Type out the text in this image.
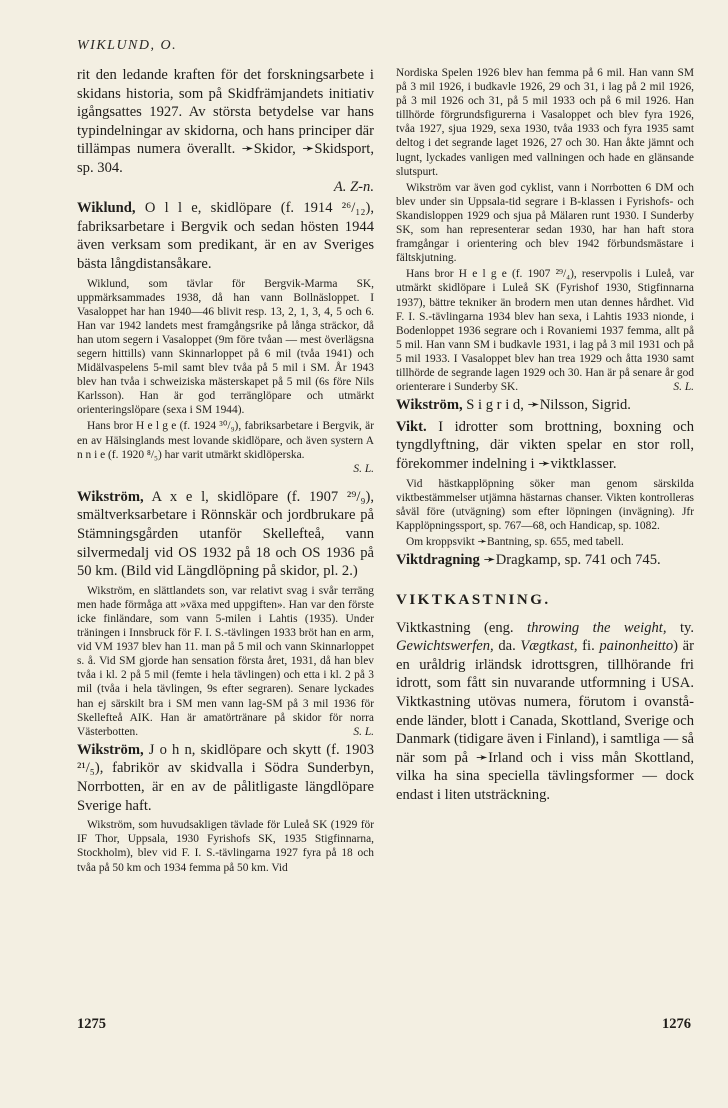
WIKLUND, O.

rit den ledande kraften för det forskningsarbete i skidans historia, som på Skidfrämjandets initiativ igångsattes 1927. Av största betydelse var hans typindelningar av skidorna, och hans principer där tillämpas numera överallt. ➛Skidor, ➛Skidsport, sp. 304.
A. Z-n.

Wiklund, O l l e, skidlöpare (f. 1914 ²⁶/₁₂), fabriksarbetare i Bergvik och sedan hösten 1944 även verksam som predikant, är en av Sveriges bästa långdistansåkare.

Wiklund, som tävlar för Bergvik-Marma SK, uppmärksammades 1938, då han vann Bollnäsloppet. I Vasaloppet har han 1940—46 blivit resp. 13, 2, 1, 3, 4, 5 och 6. Han var 1942 landets mest framgångsrike på långa sträckor, då han utom segern i Vasaloppet (9m före tvåan — mest överlägsna segern hittills) vann Skinnarloppet på 6 mil (tvåa 1941) och Midälvaspelens 5-mil samt blev tvåa på 5 mil i SM. År 1943 blev han tvåa i schweiziska mästerskapet på 5 mil (6s före Nils Karlsson). Han är god terränglöpare och utmärkt orienteringslöpare (sexa i SM 1944).

Hans bror H e l g e (f. 1924 ³⁰/₉), fabriksarbetare i Bergvik, är en av Hälsinglands mest lovande skidlöpare, och även systern A n n i e (f. 1920 ⁸/₅) har varit utmärkt skidlöperska.
S. L.

Wikström, A x e l, skidlöpare (f. 1907 ²⁹/₉), smältverksarbetare i Rönnskär och jordbrukare på Stämningsgården utanför Skellefteå, vann silvermedalj vid OS 1932 på 18 och OS 1936 på 50 km. (Bild vid Längdlöpning på skidor, pl. 2.)

Wikström, en slättlandets son, var relativt svag i svår terräng men hade förmåga att »växa med uppgiften». Han var den förste icke finländare, som vann 5-milen i Lahtis (1935). Under träningen i Innsbruck för F. I. S.-tävlingen 1933 bröt han en arm, vid VM 1937 blev han 11. man på 5 mil och vann Skinnarloppet s. å. Vid SM gjorde han sensation första året, 1931, då han blev tvåa i kl. 2 på 5 mil (femte i hela tävlingen) och etta i kl. 2 på 3 mil (tvåa i hela tävlingen, 9s efter segraren). Senare lyckades han ej särskilt bra i SM men vann lag-SM på 3 mil 1936 för Skellefteå AIK. Han är amatörtränare på skidor för norra Västerbotten.	S. L.

Wikström, J o h n, skidlöpare och skytt (f. 1903 ²¹/₅), fabrikör av skidvalla i Södra Sunderbyn, Norrbotten, är en av de pålitligaste längdlöpare Sverige haft.

Wikström, som huvudsakligen tävlade för Luleå SK (1929 för IF Thor, Uppsala, 1930 Fyrishofs SK, 1935 Stigfinnarna, Stockholm), blev vid F. I. S.-tävlingarna 1927 fyra på 18 och tvåa på 50 km och 1934 femma på 50 km. Vid

Nordiska Spelen 1926 blev han femma på 6 mil. Han vann SM på 3 mil 1926, i budkavle 1926, 29 och 31, i lag på 2 mil 1926, på 3 mil 1926 och 31, på 5 mil 1933 och på 6 mil 1926. Han tillhörde förgrundsfigurerna i Vasaloppet och blev fyra 1926, tvåa 1927, sjua 1929, sexa 1930, tvåa 1933 och fyra 1935 samt deltog i det segrande laget 1926, 27 och 30. Han åkte jämnt och lugnt, lyckades vanligen med vallningen och hade en glänsande slutspurt.

Wikström var även god cyklist, vann i Norrbotten 6 DM och blev under sin Uppsala-tid segrare i B-klassen i Fyrishofs- och Skandisloppen 1929 och sjua på Mälaren runt 1930. I Sunderby SK, som han representerar sedan 1930, har han haft stora framgångar i orientering och blev 1942 förbundsmästare i fältskjutning.

Hans bror H e l g e (f. 1907 ²⁹/₄), reservpolis i Luleå, var utmärkt skidlöpare i Luleå SK (Fyrishof 1930, Stigfinnarna 1937), bättre tekniker än brodern men utan dennes hårdhet. Vid F. I. S.-tävlingarna 1934 blev han sexa, i Lahtis 1933 nionde, i Bodenloppet 1936 segrare och i Rovaniemi 1937 femma, allt på 5 mil. Han vann SM i budkavle 1931, i lag på 3 mil 1931 och på 5 mil 1933. I Vasaloppet blev han trea 1929 och åtta 1930 samt tillhörde de segrande lagen 1929 och 30. Han är på senare år god orienterare i Sunderby SK.	S. L.

Wikström, S i g r i d, ➛Nilsson, Sigrid.

Vikt. I idrotter som brottning, boxning och tyngdlyftning, där vikten spelar en stor roll, förekommer indelning i ➛viktklasser.

Vid hästkapplöpning söker man genom särskilda viktbestämmelser utjämna hästarnas chanser. Vikten kontrolleras såväl före (utvägning) som efter löpningen (invägning). Jfr Kapplöpningssport, sp. 767—68, och Handicap, sp. 1082.

Om kroppsvikt ➛Bantning, sp. 655, med tabell.

Viktdragning ➛Dragkamp, sp. 741 och 745.

VIKTKASTNING.

Viktkastning (eng. throwing the weight, ty. Gewichtswerfen, da. Vægtkast, fi. painonheitto) är en uråldrig irländsk idrottsgren, tillhörande fri idrott, som fått sin nuvarande utformning i USA. Viktkastning utövas numera, förutom i ovanstående länder, blott i Canada, Skottland, Sverige och Danmark (tidigare även i Finland), i samtliga — så när som på ➛Irland och i viss mån Skottland, vilka ha sina speciella tävlingsformer — dock endast i liten utsträckning.

1275	1276
